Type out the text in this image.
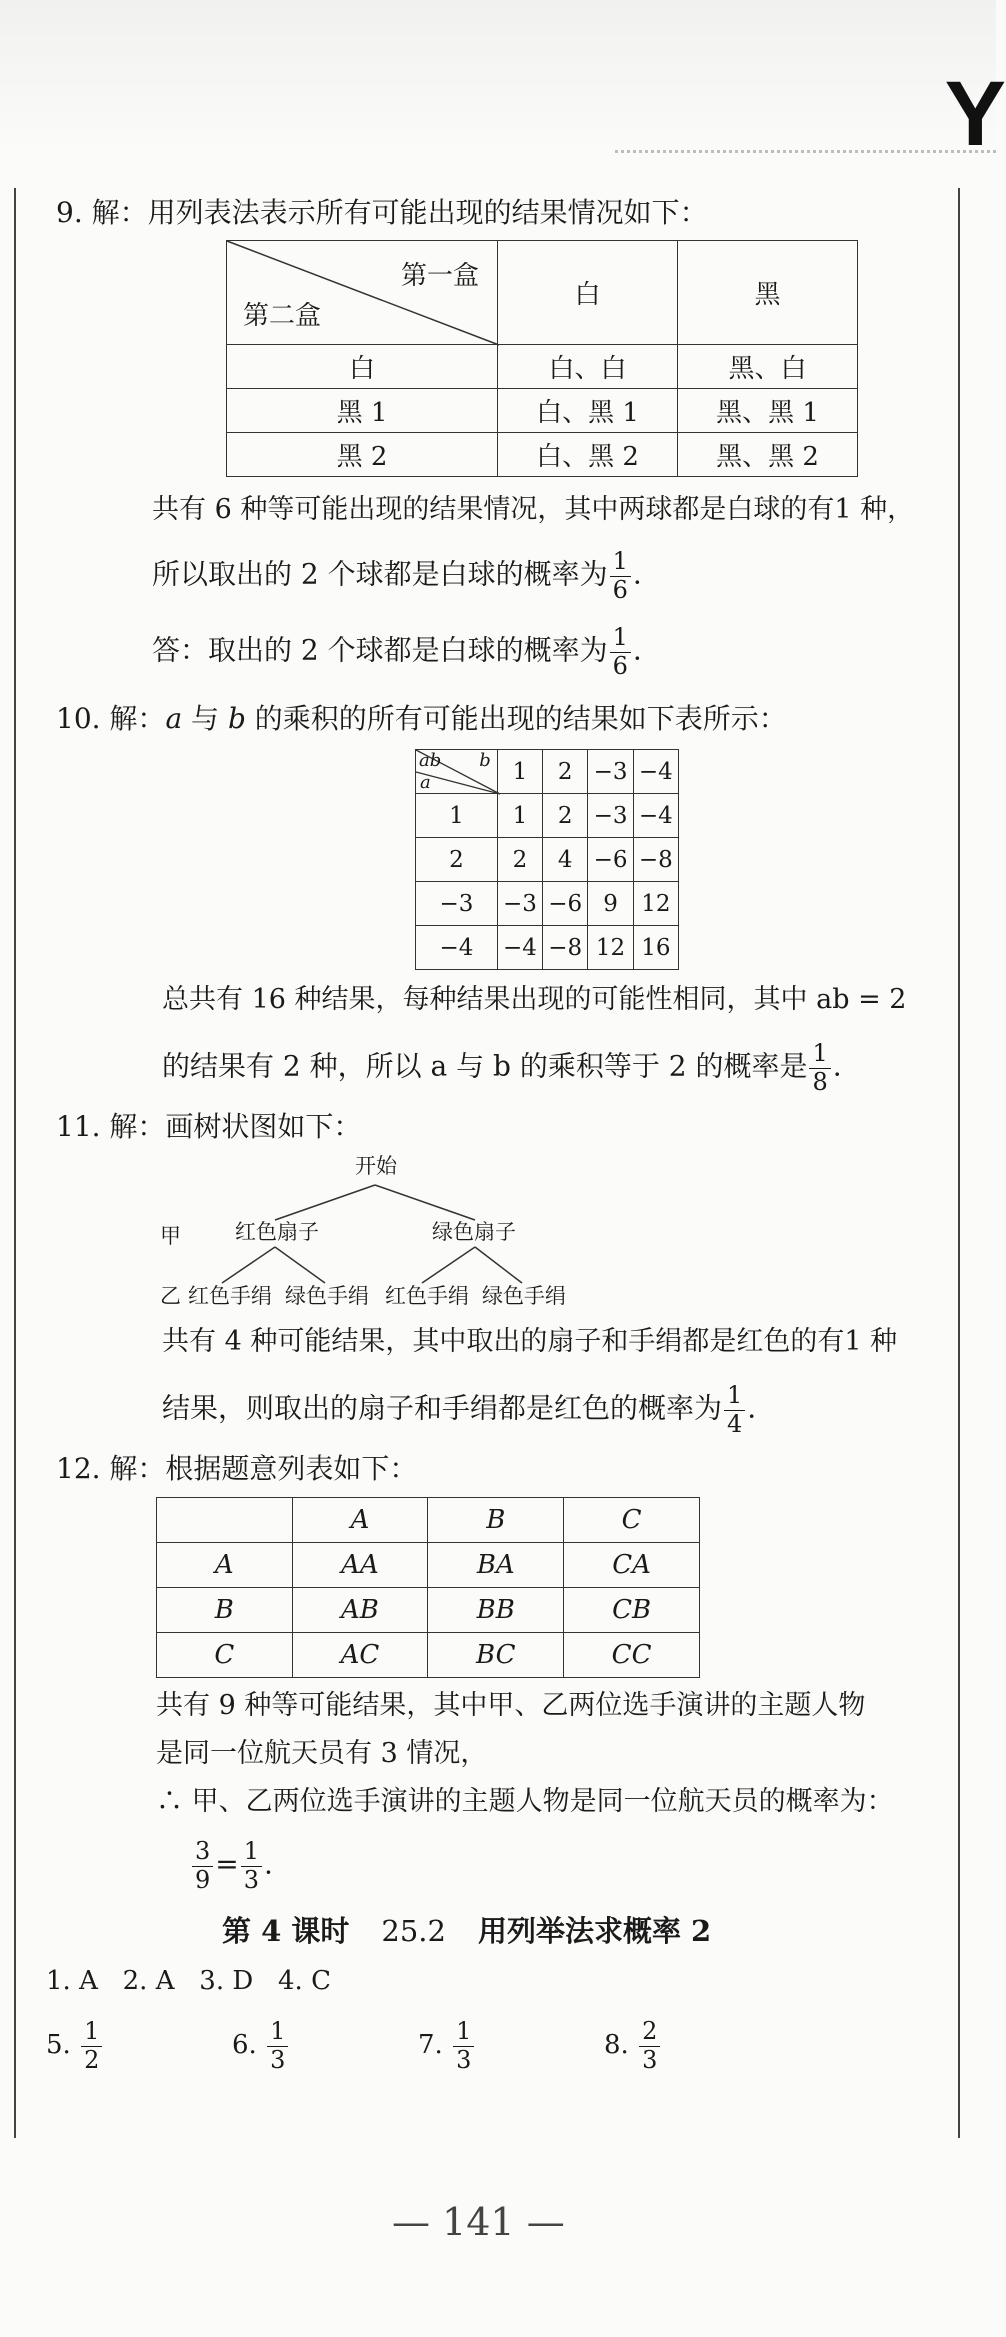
Y
9. 解：用列表法表示所有可能出现的结果情况如下：
第一盒
第二盒	白	黑
白	白、白	黑、白
黑 1	白、黑 1	黑、黑 1
黑 2	白、黑 2	黑、黑 2
共有 6 种等可能出现的结果情况，其中两球都是白球的有1 种，
所以取出的 2 个球都是白球的概率为 $\frac{1}{6}$ .
答：取出的 2 个球都是白球的概率为 $\frac{1}{6}$ .
10. 解：a 与 b 的乘积的所有可能出现的结果如下表所示：
ab b
a	1	2	−3	−4
1	1	2	−3	−4
2	2	4	−6	−8
−3	−3	−6	9	12
−4	−4	−8	12	16
总共有 16 种结果，每种结果出现的可能性相同，其中 ab = 2
的结果有 2 种，所以 a 与 b 的乘积等于 2 的概率是 $\frac{1}{8}$ .
11. 解：画树状图如下：
开始
甲	红色扇子	绿色扇子
乙 红色手绢 绿色手绢 红色手绢 绿色手绢
共有 4 种可能结果，其中取出的扇子和手绢都是红色的有1 种
结果，则取出的扇子和手绢都是红色的概率为 $\frac{1}{4}$ .
12. 解：根据题意列表如下：
	A	B	C
A	AA	BA	CA
B	AB	BB	CB
C	AC	BC	CC
共有 9 种等可能结果，其中甲、乙两位选手演讲的主题人物
是同一位航天员有 3 情况，
∴ 甲、乙两位选手演讲的主题人物是同一位航天员的概率为：
$\frac{3}{9} = \frac{1}{3}$ .
第 4 课时 25.2 用列举法求概率 2
1. A   2. A   3. D   4. C
5. $\frac{1}{2}$	6. $\frac{1}{3}$	7. $\frac{1}{3}$	8. $\frac{2}{3}$
— 141 —
